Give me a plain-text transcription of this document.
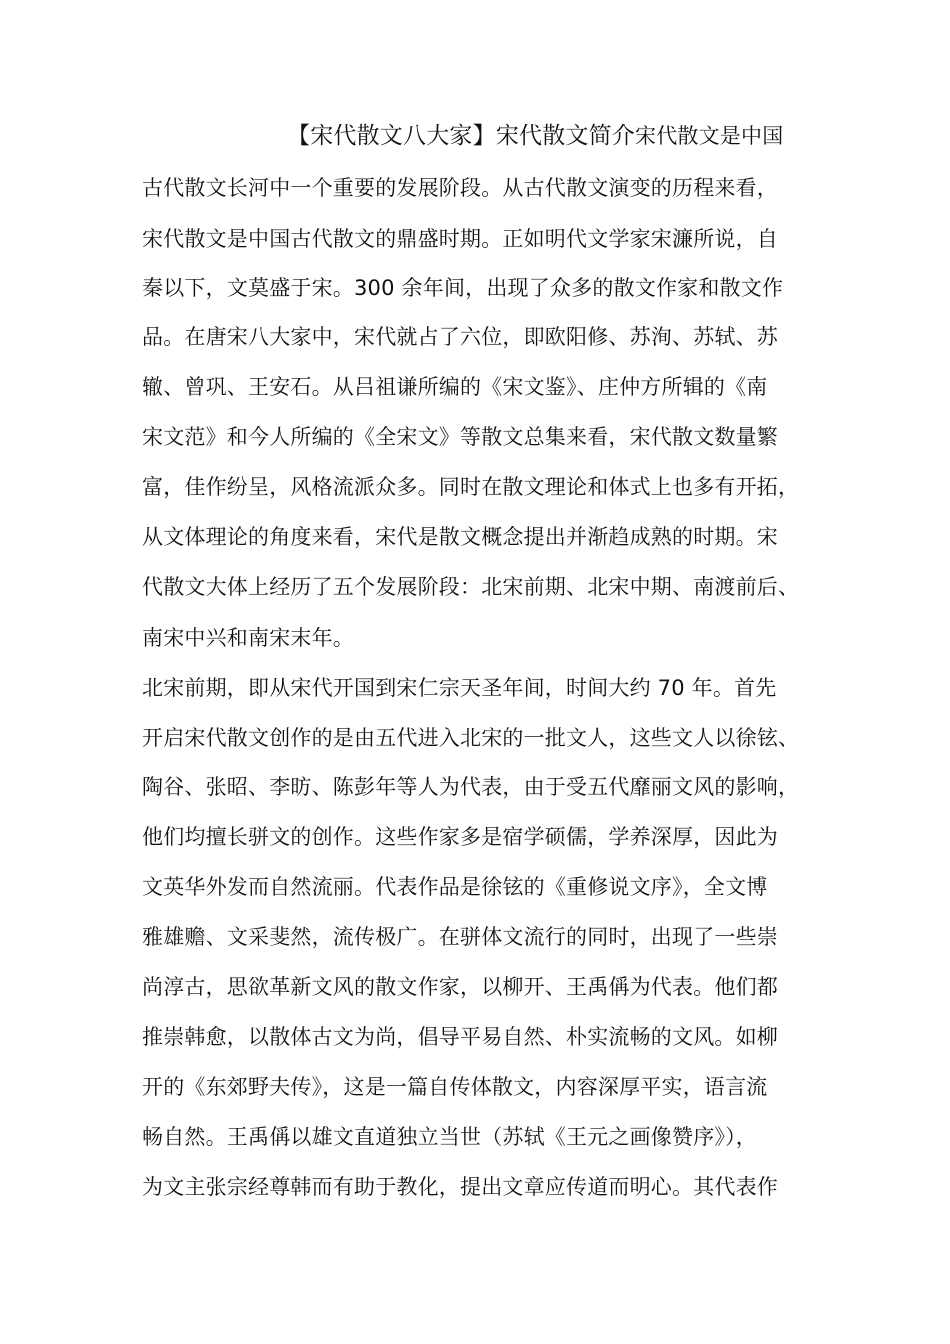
【宋代散文八大家】宋代散文简介宋代散文是中国
古代散文长河中一个重要的发展阶段。从古代散文演变的历程来看，
宋代散文是中国古代散文的鼎盛时期。正如明代文学家宋濂所说，自
秦以下，文莫盛于宋。300 余年间，出现了众多的散文作家和散文作
品。在唐宋八大家中，宋代就占了六位，即欧阳修、苏洵、苏轼、苏
辙、曾巩、王安石。从吕祖谦所编的《宋文鉴》、庄仲方所辑的《南
宋文范》和今人所编的《全宋文》等散文总集来看，宋代散文数量繁
富，佳作纷呈，风格流派众多。同时在散文理论和体式上也多有开拓，
从文体理论的角度来看，宋代是散文概念提出并渐趋成熟的时期。宋
代散文大体上经历了五个发展阶段：北宋前期、北宋中期、南渡前后、
南宋中兴和南宋末年。
北宋前期，即从宋代开国到宋仁宗天圣年间，时间大约 70 年。首先
开启宋代散文创作的是由五代进入北宋的一批文人，这些文人以徐铉、
陶谷、张昭、李昉、陈彭年等人为代表，由于受五代靡丽文风的影响，
他们均擅长骈文的创作。这些作家多是宿学硕儒，学养深厚，因此为
文英华外发而自然流丽。代表作品是徐铉的《重修说文序》，全文博
雅雄赡、文采斐然，流传极广。在骈体文流行的同时，出现了一些崇
尚淳古，思欲革新文风的散文作家，以柳开、王禹偁为代表。他们都
推崇韩愈，以散体古文为尚，倡导平易自然、朴实流畅的文风。如柳
开的《东郊野夫传》，这是一篇自传体散文，内容深厚平实，语言流
畅自然。王禹偁以雄文直道独立当世（苏轼《王元之画像赞序》），
为文主张宗经尊韩而有助于教化，提出文章应传道而明心。其代表作
